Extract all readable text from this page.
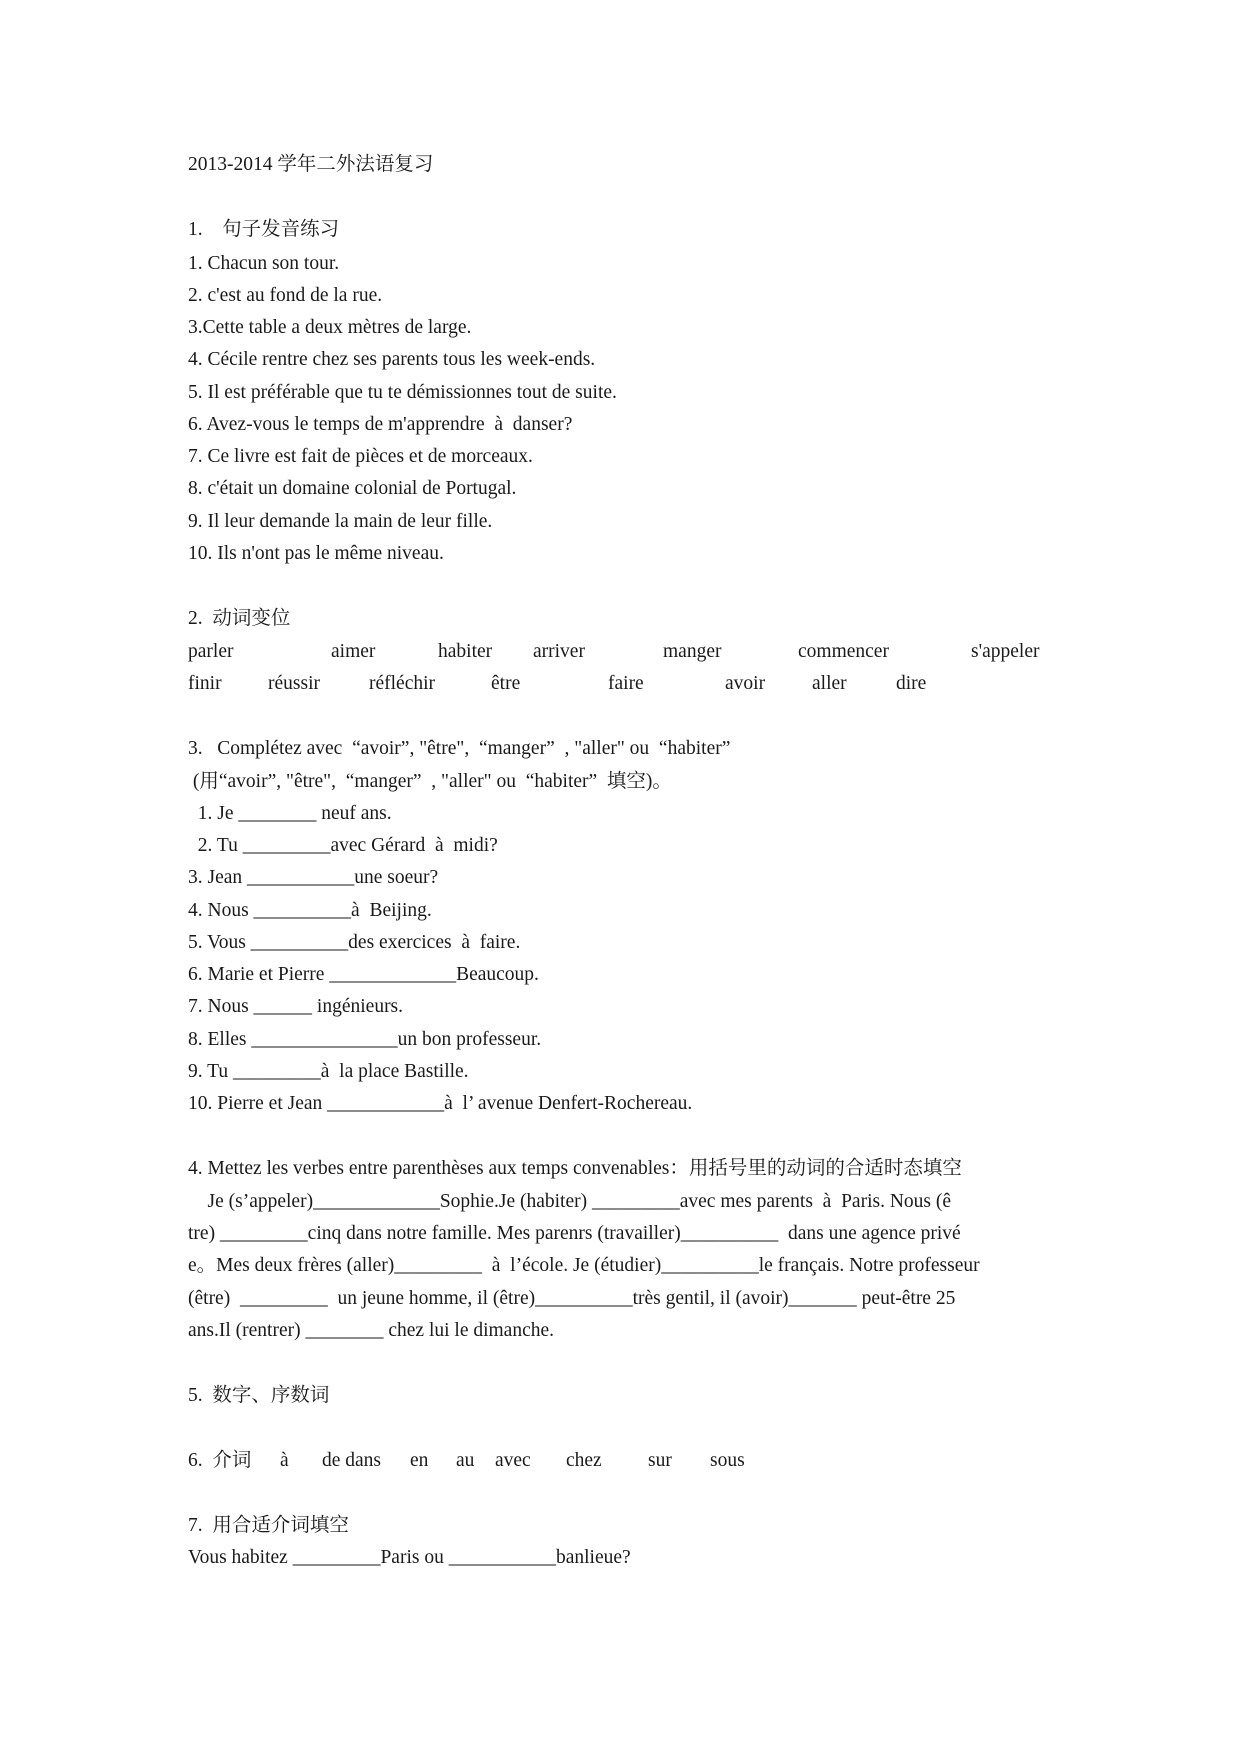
2013-2014 学年二外法语复习
1.    句子发音练习
1. Chacun son tour.
2. c'est au fond de la rue.
3.Cette table a deux mètres de large.
4. Cécile rentre chez ses parents tous les week-ends.
5. Il est préférable que tu te démissionnes tout de suite.
6. Avez-vous le temps de m'apprendre  à  danser?
7. Ce livre est fait de pièces et de morceaux.
8. c'était un domaine colonial de Portugal.
9. Il leur demande la main de leur fille.
10. Ils n'ont pas le même niveau.
2.  动词变位
parler	aimer	habiter arriver	manger	commencer	s'appeler
finir réussir	réfléchir	être	faire	avoir aller	dire
3.   Complétez avec  “avoir”, "être",  “manger”  , "aller" ou  “habiter”
(用“avoir”, "être",  “manger”  , "aller" ou  “habiter”  填空)。
1. Je ________ neuf ans.
2. Tu _________avec Gérard  à  midi?
3. Jean ___________une soeur?
4. Nous __________à  Beijing.
5. Vous __________des exercices  à  faire.
6. Marie et Pierre _____________Beaucoup.
7. Nous ______ ingénieurs.
8. Elles _______________un bon professeur.
9. Tu _________à  la place Bastille.
10. Pierre et Jean ____________à  l’ avenue Denfert-Rochereau.
4. Mettez les verbes entre parenthèses aux temps convenables：用括号里的动词的合适时态填空
Je (s’appeler)_____________Sophie.Je (habiter) _________avec mes parents  à  Paris. Nous (ê
tre) _________cinq dans notre famille. Mes parenrs (travailler)__________  dans une agence privé
e。Mes deux frères (aller)_________  à  l’école. Je (étudier)__________le français. Notre professeur
(être)  _________  un jeune homme, il (être)__________très gentil, il (avoir)_______ peut-être 25
ans.Il (rentrer) ________ chez lui le dimanche.
5.  数字、序数词
6.  介词 à de dans en au avec chez sur sous
7.  用合适介词填空
Vous habitez _________Paris ou ___________banlieue?
